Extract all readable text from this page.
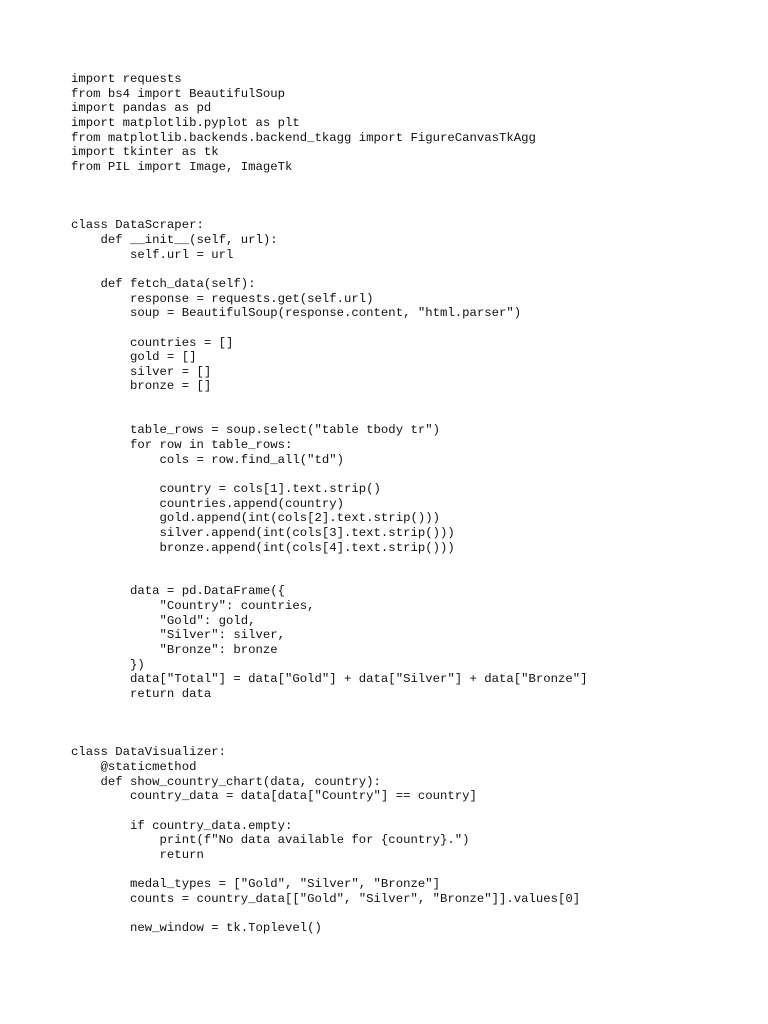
import requests
from bs4 import BeautifulSoup
import pandas as pd
import matplotlib.pyplot as plt
from matplotlib.backends.backend_tkagg import FigureCanvasTkAgg
import tkinter as tk
from PIL import Image, ImageTk
class DataScraper:
def __init__(self, url):
self.url = url
def fetch_data(self):
response = requests.get(self.url)
soup = BeautifulSoup(response.content, "html.parser")
countries = []
gold = []
silver = []
bronze = []
table_rows = soup.select("table tbody tr")
for row in table_rows:
cols = row.find_all("td")
country = cols[1].text.strip()
countries.append(country)
gold.append(int(cols[2].text.strip()))
silver.append(int(cols[3].text.strip()))
bronze.append(int(cols[4].text.strip()))
data = pd.DataFrame({
"Country": countries,
"Gold": gold,
"Silver": silver,
"Bronze": bronze
})
data["Total"] = data["Gold"] + data["Silver"] + data["Bronze"]
return data
class DataVisualizer:
@staticmethod
def show_country_chart(data, country):
country_data = data[data["Country"] == country]
if country_data.empty:
print(f"No data available for {country}.")
return
medal_types = ["Gold", "Silver", "Bronze"]
counts = country_data[["Gold", "Silver", "Bronze"]].values[0]
new_window = tk.Toplevel()
